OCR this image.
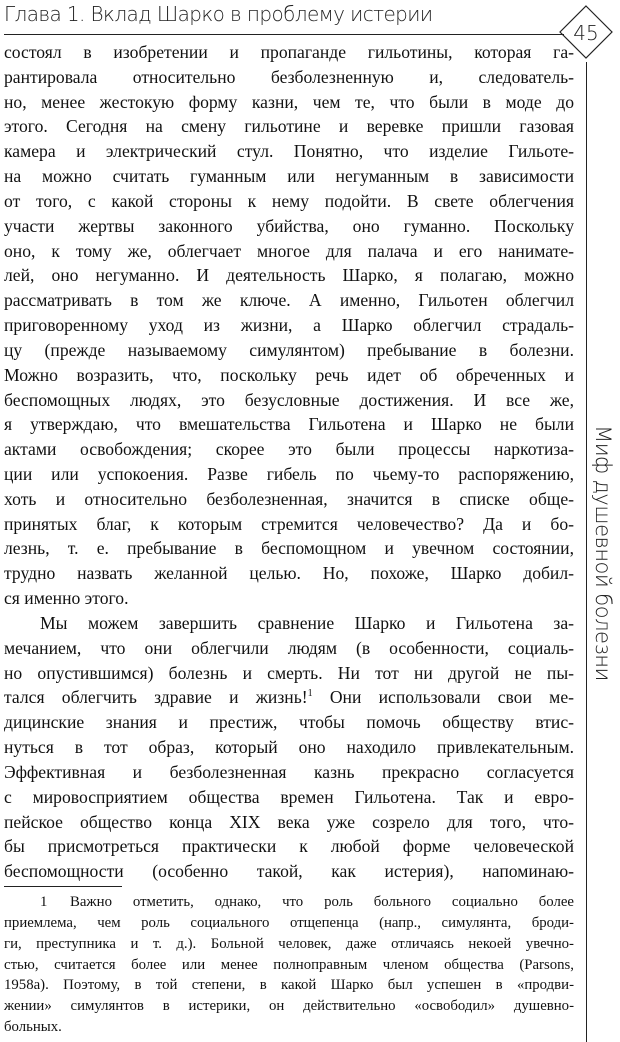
Глава 1. Вклад Шарко в проблему истерии
45
Миф душевной болезни
состоял в изобретении и пропаганде гильотины, которая га-
рантировала относительно безболезненную и, следователь-
но, менее жестокую форму казни, чем те, что были в моде до
этого. Сегодня на смену гильотине и веревке пришли газовая
камера и электрический стул. Понятно, что изделие Гильоте-
на можно считать гуманным или негуманным в зависимости
от того, с какой стороны к нему подойти. В свете облегчения
участи жертвы законного убийства, оно гуманно. Поскольку
оно, к тому же, облегчает многое для палача и его нанимате-
лей, оно негуманно. И деятельность Шарко, я полагаю, можно
рассматривать в том же ключе. А именно, Гильотен облегчил
приговоренному уход из жизни, а Шарко облегчил страдаль-
цу (прежде называемому симулянтом) пребывание в болезни.
Можно возразить, что, поскольку речь идет об обреченных и
беспомощных людях, это безусловные достижения. И все же,
я утверждаю, что вмешательства Гильотена и Шарко не были
актами освобождения; скорее это были процессы наркотиза-
ции или успокоения. Разве гибель по чьему-то распоряжению,
хоть и относительно безболезненная, значится в списке обще-
принятых благ, к которым стремится человечество? Да и бо-
лезнь, т. е. пребывание в беспомощном и увечном состоянии,
трудно назвать желанной целью. Но, похоже, Шарко добил-
ся именно этого.
Мы можем завершить сравнение Шарко и Гильотена за-
мечанием, что они облегчили людям (в особенности, социаль-
но опустившимся) болезнь и смерть. Ни тот ни другой не пы-
тался облегчить здравие и жизнь!$^1$ Они использовали свои ме-
дицинские знания и престиж, чтобы помочь обществу втис-
нуться в тот образ, который оно находило привлекательным.
Эффективная и безболезненная казнь прекрасно согласуется
с мировосприятием общества времен Гильотена. Так и евро-
пейское общество конца XIX века уже созрело для того, что-
бы присмотреться практически к любой форме человеческой
беспомощности (особенно такой, как истерия), напоминаю-
1 Важно отметить, однако, что роль больного социально более
приемлема, чем роль социального отщепенца (напр., симулянта, броди-
ги, преступника и т. д.). Больной человек, даже отличаясь некоей увечно-
стью, считается более или менее полноправным членом общества (Parsons,
1958a). Поэтому, в той степени, в какой Шарко был успешен в «продви-
жении» симулянтов в истерики, он действительно «освободил» душевно-
больных.
